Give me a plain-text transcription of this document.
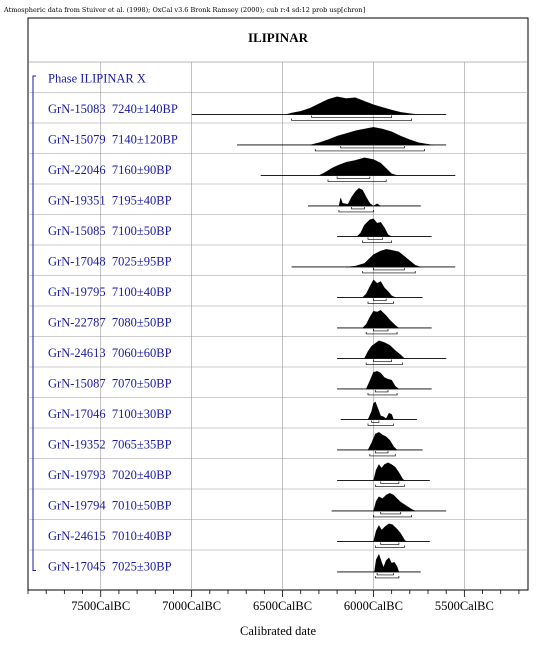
Atmospheric data from Stuiver et al. (1998); OxCal v3.6 Bronk Ramsey (2000); cub r:4 sd:12 prob usp[chron]
ILIPINAR
Phase ILIPINAR X
GrN-15083  7240±140BP
GrN-15079  7140±120BP
GrN-22046  7160±90BP
GrN-19351  7195±40BP
GrN-15085  7100±50BP
GrN-17048  7025±95BP
GrN-19795  7100±40BP
GrN-22787  7080±50BP
GrN-24613  7060±60BP
GrN-15087  7070±50BP
GrN-17046  7100±30BP
GrN-19352  7065±35BP
GrN-19793  7020±40BP
GrN-19794  7010±50BP
GrN-24615  7010±40BP
GrN-17045  7025±30BP
7500CalBC	7000CalBC	6500CalBC	6000CalBC	5500CalBC
Calibrated date
